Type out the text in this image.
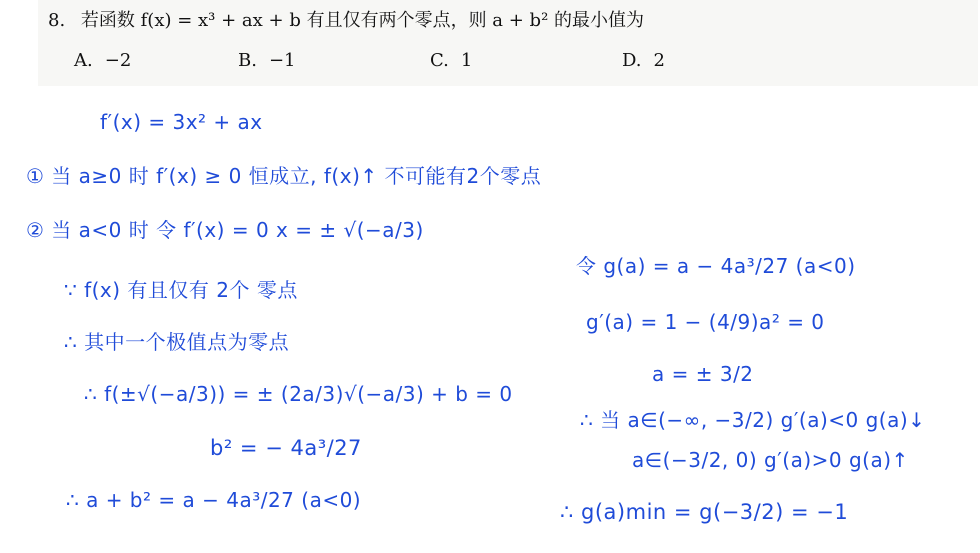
8. 若函数 f(x) = x³ + ax + b 有且仅有两个零点，则 a + b² 的最小值为
A. −2	B. −1	C. 1	D. 2
f′(x) = 3x² + ax
① 当 a≥0 时 f′(x) ≥ 0 恒成立, f(x)↑ 不可能有2个零点
② 当 a<0 时 令 f′(x) = 0 x = ± √(−a/3)
∵ f(x) 有且仅有 2个 零点
∴ 其中一个极值点为零点
∴ f(±√(−a/3)) = ± (2a/3)√(−a/3) + b = 0
b² = − 4a³/27
∴ a + b² = a − 4a³/27 (a<0)
令 g(a) = a − 4a³/27 (a<0)
g′(a) = 1 − (4/9)a² = 0
a = ± 3/2
∴ 当 a∈(−∞, −3/2) g′(a)<0 g(a)↓
a∈(−3/2, 0) g′(a)>0 g(a)↑
∴ g(a)min = g(−3/2) = −1
